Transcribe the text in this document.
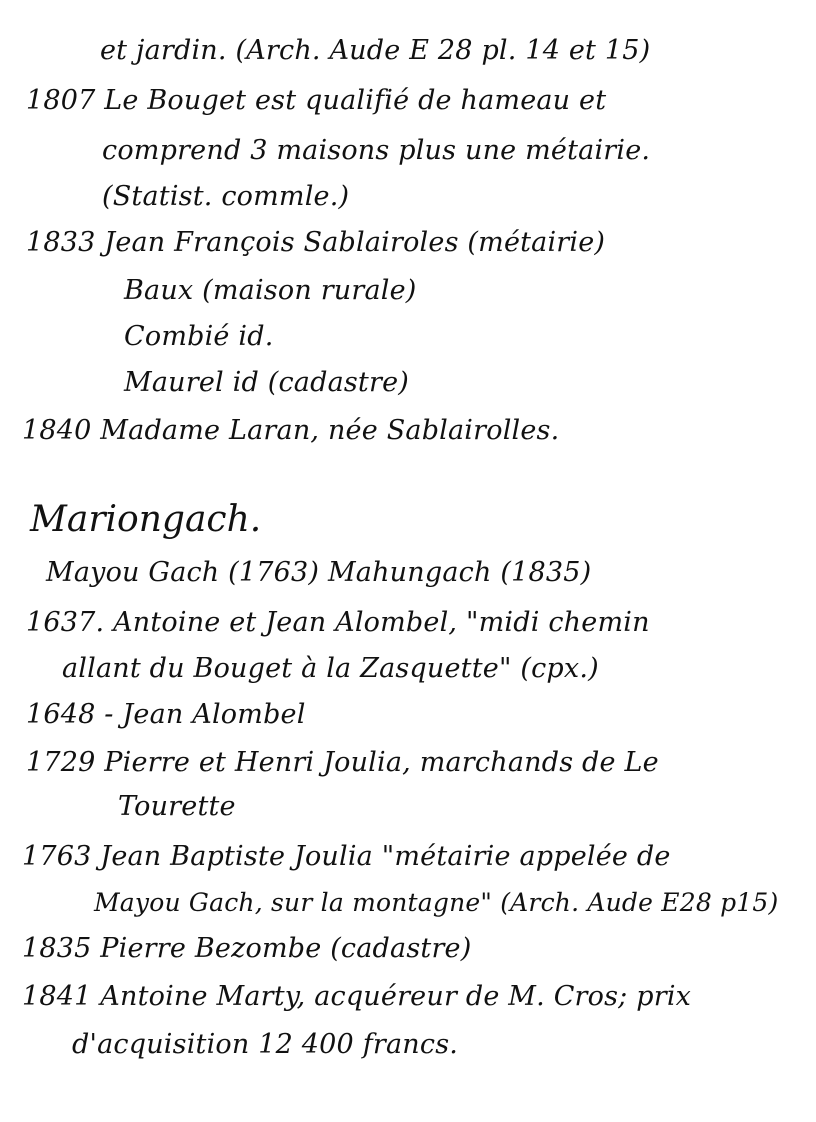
et jardin. (Arch. Aude E 28 pl. 14 et 15)
1807 Le Bouget est qualifié de hameau et
comprend 3 maisons plus une métairie.
(Statist. commle.)
1833 Jean François Sablairoles (métairie)
Baux (maison rurale)
Combié id.
Maurel id (cadastre)
1840 Madame Laran, née Sablairolles.
Mariongach.
Mayou Gach (1763) Mahungach (1835)
1637. Antoine et Jean Alombel, "midi chemin
allant du Bouget à la Zasquette" (cpx.)
1648 - Jean Alombel
1729 Pierre et Henri Joulia, marchands de Le
Tourette
1763 Jean Baptiste Joulia "métairie appelée de
Mayou Gach, sur la montagne" (Arch. Aude E28 p15)
1835 Pierre Bezombe (cadastre)
1841 Antoine Marty, acquéreur de M. Cros; prix
d'acquisition 12 400 francs.
